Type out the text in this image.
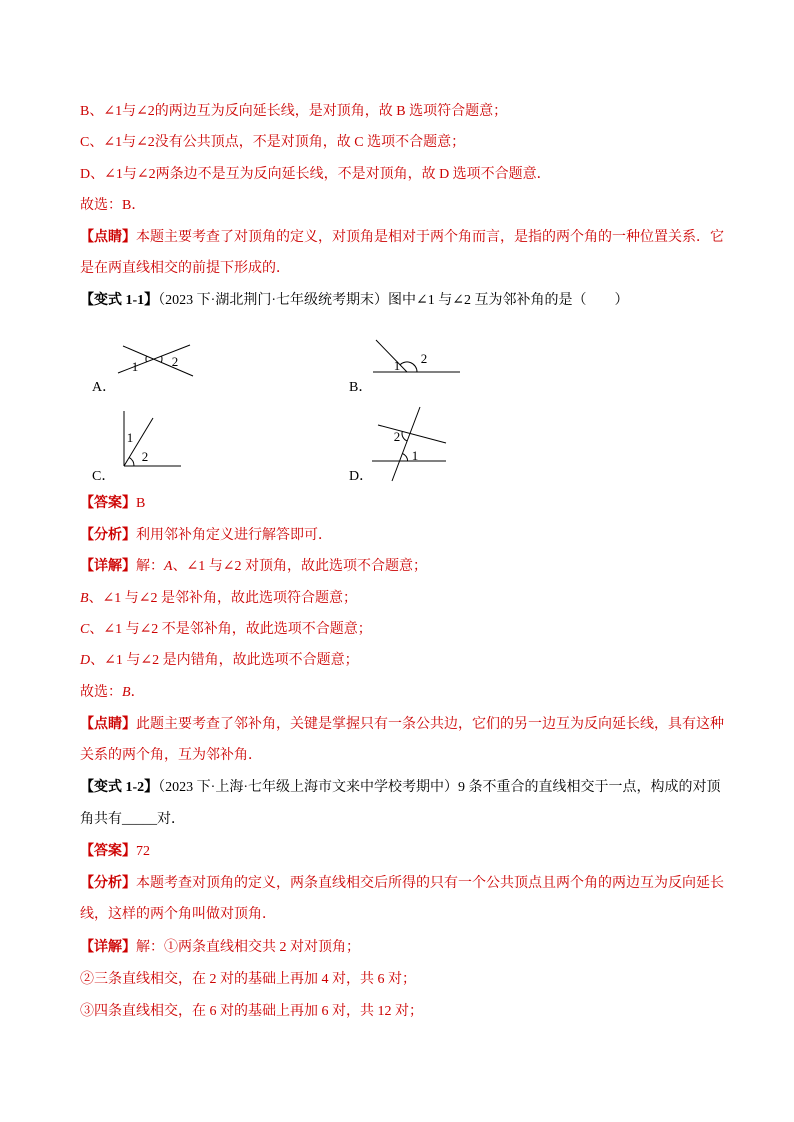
B、∠1与∠2的两边互为反向延长线，是对顶角，故 B 选项符合题意；
C、∠1与∠2没有公共顶点，不是对顶角，故 C 选项不合题意；
D、∠1与∠2两条边不是互为反向延长线，不是对顶角，故 D 选项不合题意．
故选：B．
【点睛】本题主要考查了对顶角的定义，对顶角是相对于两个角而言，是指的两个角的一种位置关系．它
是在两直线相交的前提下形成的．
【变式 1-1】（2023 下·湖北荆门·七年级统考期末）图中∠1 与∠2 互为邻补角的是（　　）
1	2	1 2
1
2
2
1
A．	B．
C．	D．
【答案】B
【分析】利用邻补角定义进行解答即可．
【详解】解：A、∠1 与∠2 对顶角，故此选项不合题意；
B、∠1 与∠2 是邻补角，故此选项符合题意；
C、∠1 与∠2 不是邻补角，故此选项不合题意；
D、∠1 与∠2 是内错角，故此选项不合题意；
故选：B．
【点睛】此题主要考查了邻补角，关键是掌握只有一条公共边，它们的另一边互为反向延长线，具有这种
关系的两个角，互为邻补角．
【变式 1-2】（2023 下·上海·七年级上海市文来中学校考期中）9 条不重合的直线相交于一点，构成的对顶
角共有_____对．
【答案】72
【分析】本题考查对顶角的定义，两条直线相交后所得的只有一个公共顶点且两个角的两边互为反向延长
线，这样的两个角叫做对顶角．
【详解】解：①两条直线相交共 2 对对顶角；
②三条直线相交，在 2 对的基础上再加 4 对，共 6 对；
③四条直线相交，在 6 对的基础上再加 6 对，共 12 对；
